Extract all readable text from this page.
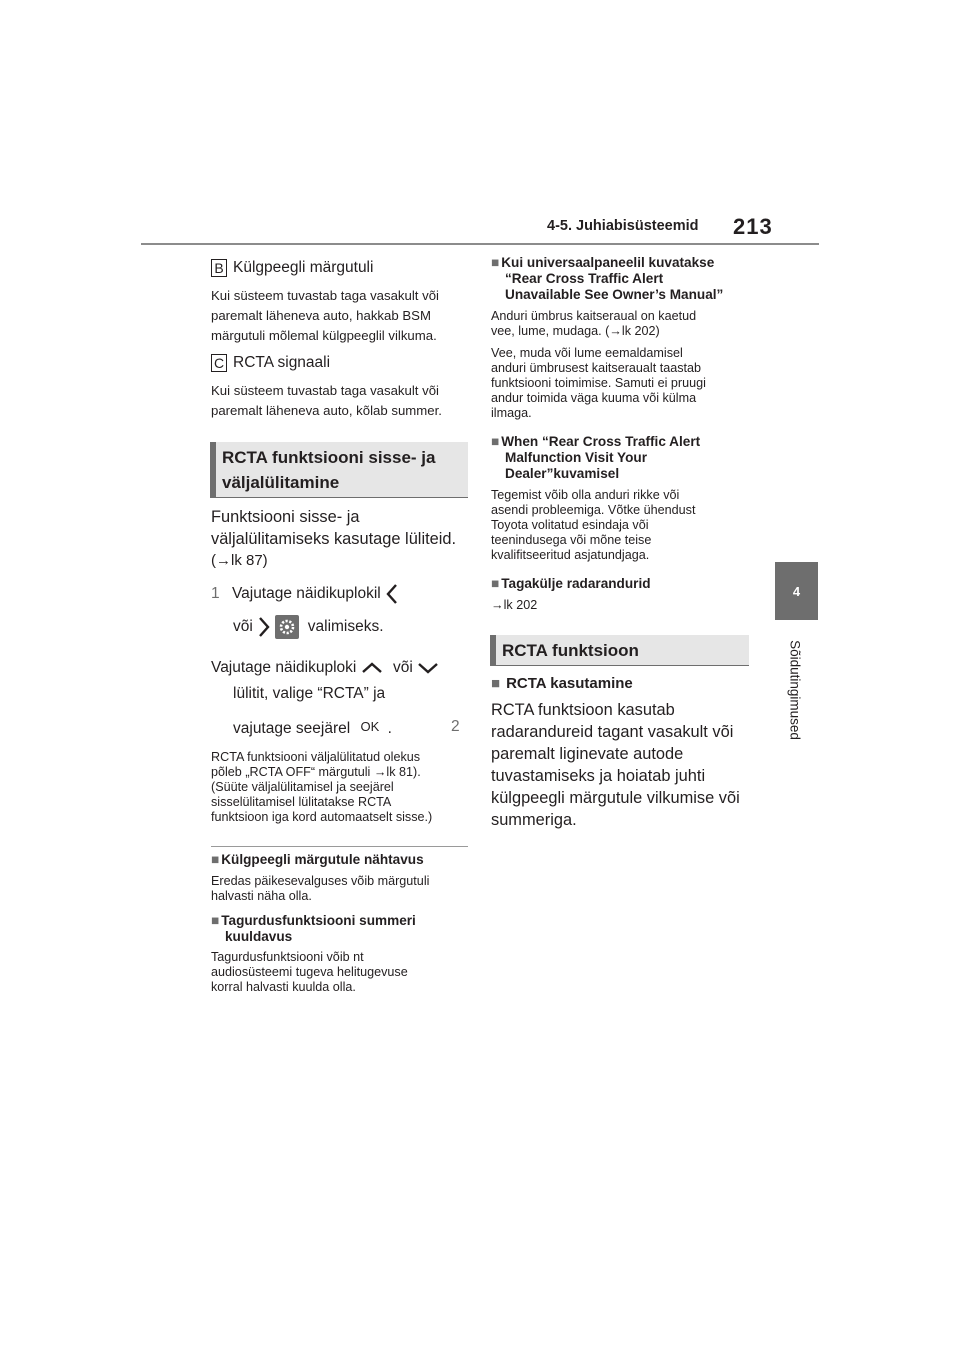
4-5. Juhiabisüsteemid 213
4
Sõidutingimused
B Külgpeegli märgutuli
Kui süsteem tuvastab taga vasakult või
paremalt läheneva auto, hakkab BSM
märgutuli mõlemal külgpeeglil vilkuma.
C RCTA signaali
Kui süsteem tuvastab taga vasakult või
paremalt läheneva auto, kõlab summer.
RCTA funktsiooni sisse- ja
väljalülitamine
Funktsiooni sisse- ja
väljalülitamiseks kasutage lüliteid.
(→lk 87)
1 Vajutage näidikuplokil
või	valimiseks.
Vajutage näidikuploki või
lülitit, valige “RCTA” ja
vajutage seejärel OK .	2
RCTA funktsiooni väljalülitatud olekus
põleb „RCTA OFF“ märgutuli →lk 81).
(Süüte väljalülitamisel ja seejärel
sisselülitamisel lülitatakse RCTA
funktsioon iga kord automaatselt sisse.)
■ Külgpeegli märgutule nähtavus
Eredas päikesevalguses võib märgutuli
halvasti näha olla.
■ Tagurdusfunktsiooni summeri
kuuldavus
Tagurdusfunktsiooni võib nt
audiosüsteemi tugeva helitugevuse
korral halvasti kuulda olla.
■ Kui universaalpaneelil kuvatakse
“Rear Cross Traffic Alert
Unavailable See Owner’s Manual”
Anduri ümbrus kaitseraual on kaetud
vee, lume, mudaga. (→lk 202)
Vee, muda või lume eemaldamisel
anduri ümbrusest kaitseraualt taastab
funktsiooni toimimise. Samuti ei pruugi
andur toimida väga kuuma või külma
ilmaga.
■ When “Rear Cross Traffic Alert
Malfunction Visit Your
Dealer”kuvamisel
Tegemist võib olla anduri rikke või
asendi probleemiga. Võtke ühendust
Toyota volitatud esindaja või
teenindusega või mõne teise
kvalifitseeritud asjatundjaga.
■ Tagakülje radarandurid
→lk 202
RCTA funktsioon
■ RCTA kasutamine
RCTA funktsioon kasutab
radarandureid tagant vasakult või
paremalt liginevate autode
tuvastamiseks ja hoiatab juhti
külgpeegli märgutule vilkumise või
summeriga.
